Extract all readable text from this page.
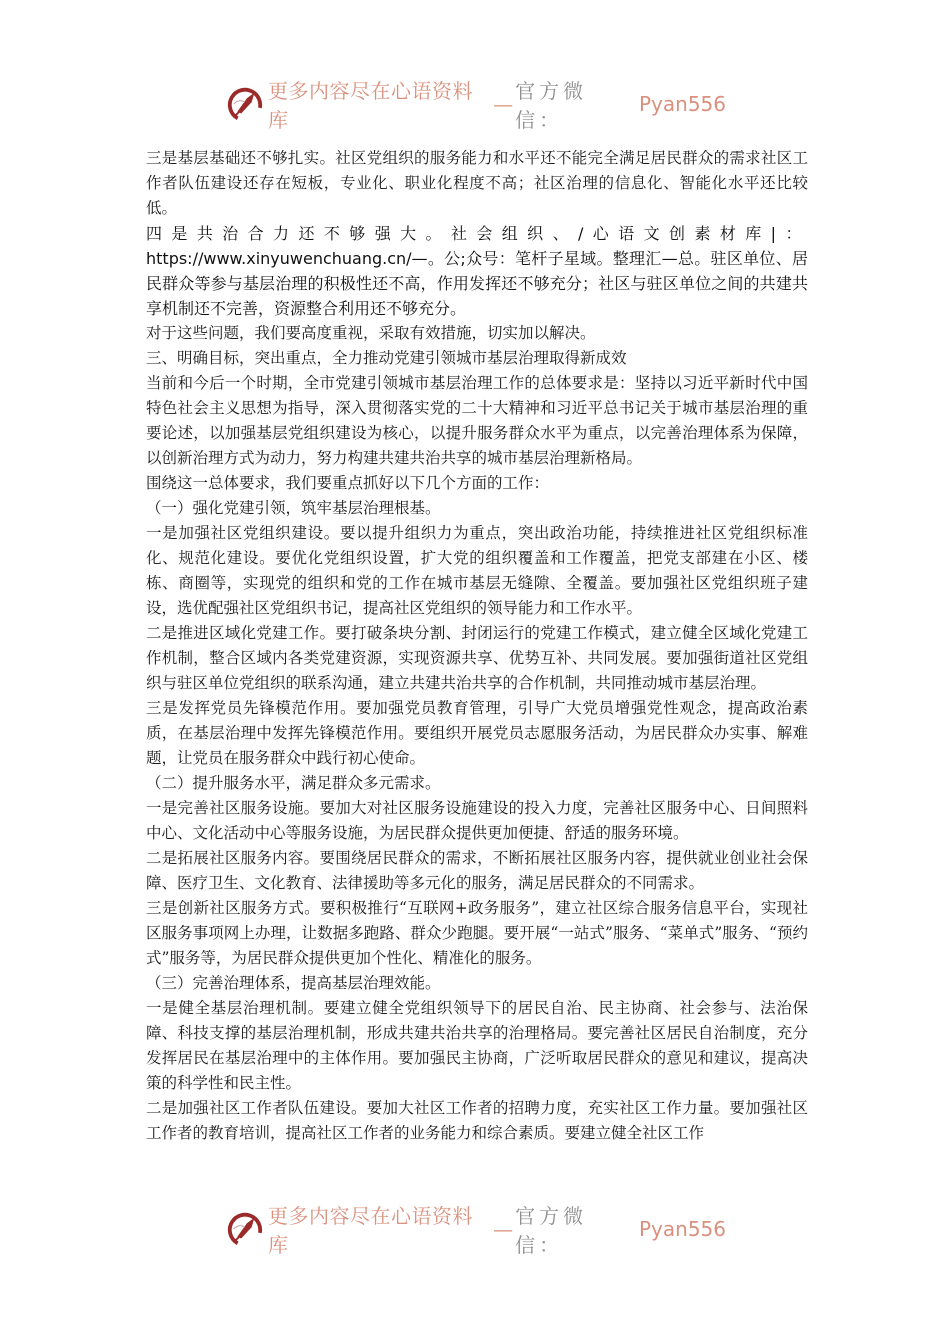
更多内容尽在心语资料库
—
官方微信：
Pyan556

三是基层基础还不够扎实。社区党组织的服务能力和水平还不能完全满足居民群众的需求社区工作者队伍建设还存在短板，专业化、职业化程度不高；社区治理的信息化、智能化水平还比较低。

四是共治合力还不够强大。社会组织、/心语文创素材库|： https://www.xinyuwenchuang.cn/—。公;众号：笔杆子星域。整理汇—总。驻区单位、居民群众等参与基层治理的积极性还不高，作用发挥还不够充分；社区与驻区单位之间的共建共享机制还不完善，资源整合利用还不够充分。

对于这些问题，我们要高度重视，采取有效措施，切实加以解决。

三、明确目标，突出重点，全力推动党建引领城市基层治理取得新成效

当前和今后一个时期，全市党建引领城市基层治理工作的总体要求是：坚持以习近平新时代中国特色社会主义思想为指导，深入贯彻落实党的二十大精神和习近平总书记关于城市基层治理的重要论述，以加强基层党组织建设为核心，以提升服务群众水平为重点，以完善治理体系为保障，以创新治理方式为动力，努力构建共建共治共享的城市基层治理新格局。

围绕这一总体要求，我们要重点抓好以下几个方面的工作：

（一）强化党建引领，筑牢基层治理根基。

一是加强社区党组织建设。要以提升组织力为重点，突出政治功能，持续推进社区党组织标准化、规范化建设。要优化党组织设置，扩大党的组织覆盖和工作覆盖，把党支部建在小区、楼栋、商圈等，实现党的组织和党的工作在城市基层无缝隙、全覆盖。要加强社区党组织班子建设，选优配强社区党组织书记，提高社区党组织的领导能力和工作水平。

二是推进区域化党建工作。要打破条块分割、封闭运行的党建工作模式，建立健全区域化党建工作机制，整合区域内各类党建资源，实现资源共享、优势互补、共同发展。要加强街道社区党组织与驻区单位党组织的联系沟通，建立共建共治共享的合作机制，共同推动城市基层治理。

三是发挥党员先锋模范作用。要加强党员教育管理，引导广大党员增强党性观念，提高政治素质，在基层治理中发挥先锋模范作用。要组织开展党员志愿服务活动，为居民群众办实事、解难题，让党员在服务群众中践行初心使命。

（二）提升服务水平，满足群众多元需求。

一是完善社区服务设施。要加大对社区服务设施建设的投入力度，完善社区服务中心、日间照料中心、文化活动中心等服务设施，为居民群众提供更加便捷、舒适的服务环境。

二是拓展社区服务内容。要围绕居民群众的需求，不断拓展社区服务内容，提供就业创业社会保障、医疗卫生、文化教育、法律援助等多元化的服务，满足居民群众的不同需求。

三是创新社区服务方式。要积极推行“互联网+政务服务”，建立社区综合服务信息平台，实现社区服务事项网上办理，让数据多跑路、群众少跑腿。要开展“一站式”服务、“菜单式”服务、“预约式”服务等，为居民群众提供更加个性化、精准化的服务。

（三）完善治理体系，提高基层治理效能。

一是健全基层治理机制。要建立健全党组织领导下的居民自治、民主协商、社会参与、法治保障、科技支撑的基层治理机制，形成共建共治共享的治理格局。要完善社区居民自治制度，充分发挥居民在基层治理中的主体作用。要加强民主协商，广泛听取居民群众的意见和建议，提高决策的科学性和民主性。

二是加强社区工作者队伍建设。要加大社区工作者的招聘力度，充实社区工作力量。要加强社区工作者的教育培训，提高社区工作者的业务能力和综合素质。要建立健全社区工作

更多内容尽在心语资料库
—
官方微信：
Pyan556
